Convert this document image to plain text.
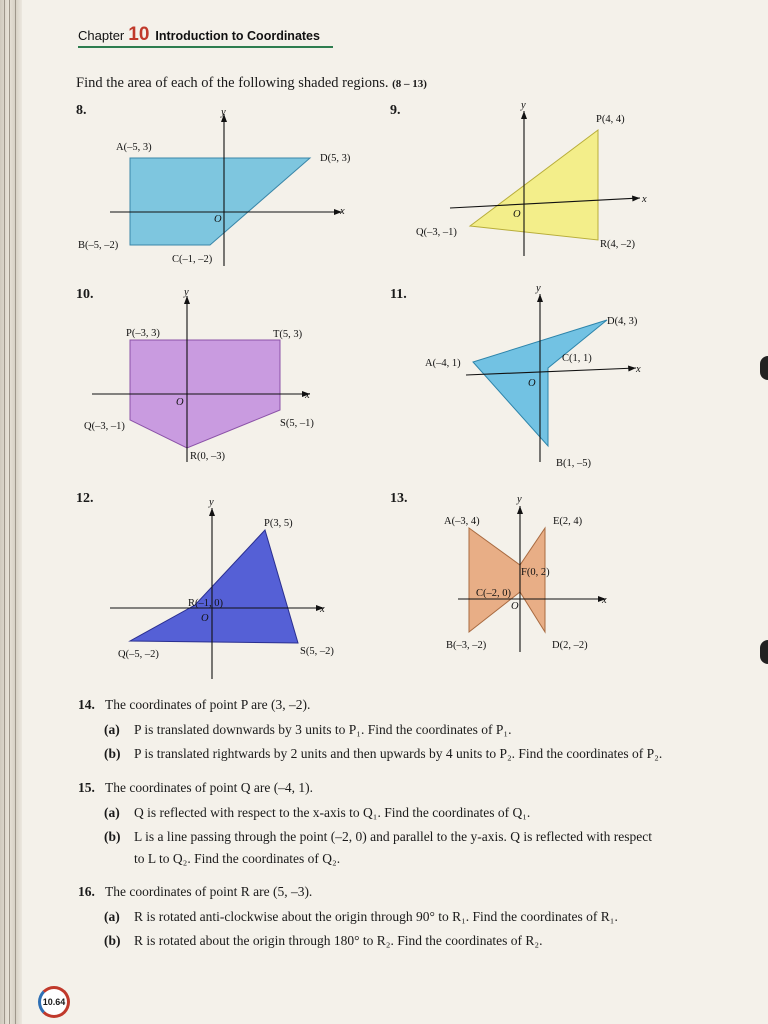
Chapter 10 Introduction to Coordinates
Find the area of each of the following shaded regions. (8 – 13)
8.
x
y
O
A(–5, 3)
B(–5, –2)
C(–1, –2)
D(5, 3)
9.
x
y
O
P(4, 4)
Q(–3, –1)
R(4, –2)
10.
x
y
O
P(–3, 3)	T(5, 3)
Q(–3, –1)	S(5, –1)
R(0, –3)
11.
x
y
O
D(4, 3)
A(–4, 1)	C(1, 1)
B(1, –5)
12.
x
y
O
P(3, 5)
R(–1, 0)
Q(–5, –2)	S(5, –2)
13.
x
y
O
A(–3, 4)	E(2, 4)
F(0, 2)
C(–2, 0)
B(–3, –2)	D(2, –2)
14. The coordinates of point P are (3, –2).
(a) P is translated downwards by 3 units to P₁. Find the coordinates of P₁.
(b) P is translated rightwards by 2 units and then upwards by 4 units to P₂. Find the coordinates of P₂.
15. The coordinates of point Q are (–4, 1).
(a) Q is reflected with respect to the x-axis to Q₁. Find the coordinates of Q₁.
(b) L is a line passing through the point (–2, 0) and parallel to the y-axis. Q is reflected with respect
to L to Q₂. Find the coordinates of Q₂.
16. The coordinates of point R are (5, –3).
(a) R is rotated anti-clockwise about the origin through 90° to R₁. Find the coordinates of R₁.
(b) R is rotated about the origin through 180° to R₂. Find the coordinates of R₂.
10.64
